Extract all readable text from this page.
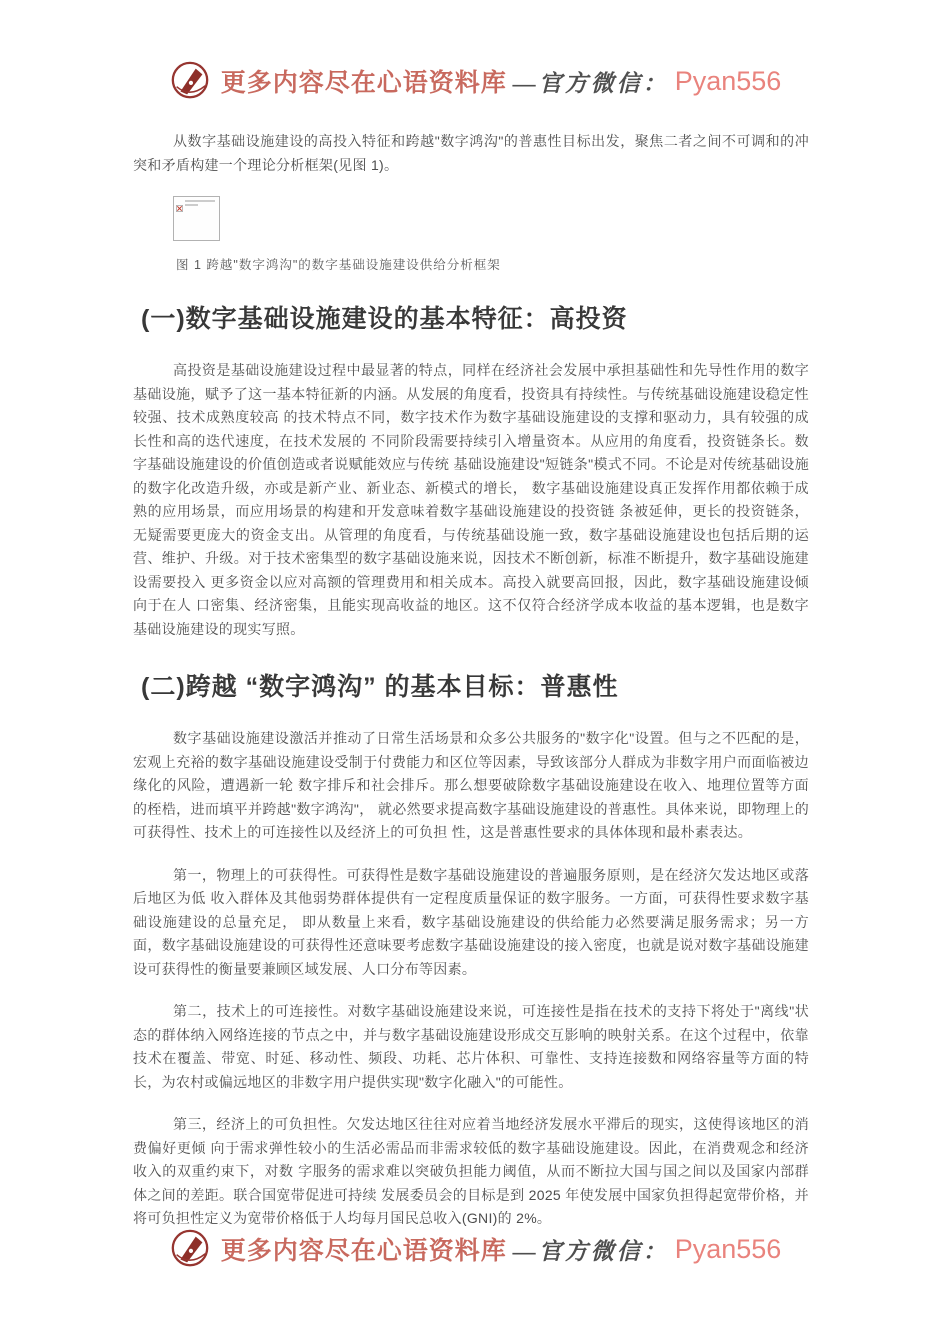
更多内容尽在心语资料库 —官方微信： Pyan556

从数字基础设施建设的高投入特征和跨越"数字鸿沟"的普惠性目标出发，聚焦二者之间不可调和的冲突和矛盾构建一个理论分析框架(见图 1)。

图 1 跨越"数字鸿沟"的数字基础设施建设供给分析框架

(一)数字基础设施建设的基本特征：高投资

高投资是基础设施建设过程中最显著的特点，同样在经济社会发展中承担基础性和先导性作用的数字基础设施，赋予了这一基本特征新的内涵。从发展的角度看，投资具有持续性。与传统基础设施建设稳定性较强、技术成熟度较高 的技术特点不同，数字技术作为数字基础设施建设的支撑和驱动力，具有较强的成长性和高的迭代速度，在技术发展的 不同阶段需要持续引入增量资本。从应用的角度看，投资链条长。数字基础设施建设的价值创造或者说赋能效应与传统 基础设施建设"短链条"模式不同。不论是对传统基础设施的数字化改造升级，亦或是新产业、新业态、新模式的增长， 数字基础设施建设真正发挥作用都依赖于成熟的应用场景，而应用场景的构建和开发意味着数字基础设施建设的投资链 条被延伸，更长的投资链条，无疑需要更庞大的资金支出。从管理的角度看，与传统基础设施一致，数字基础设施建设也包括后期的运营、维护、升级。对于技术密集型的数字基础设施来说，因技术不断创新，标准不断提升，数字基础设施建设需要投入 更多资金以应对高额的管理费用和相关成本。高投入就要高回报，因此，数字基础设施建设倾向于在人 口密集、经济密集，且能实现高收益的地区。这不仅符合经济学成本收益的基本逻辑，也是数字基础设施建设的现实写照。

(二)跨越 “数字鸿沟” 的基本目标：普惠性

数字基础设施建设激活并推动了日常生活场景和众多公共服务的"数字化"设置。但与之不匹配的是，宏观上充裕的数字基础设施建设受制于付费能力和区位等因素，导致该部分人群成为非数字用户而面临被边缘化的风险，遭遇新一轮 数字排斥和社会排斥。那么想要破除数字基础设施建设在收入、地理位置等方面的桎梏，进而填平并跨越"数字鸿沟"， 就必然要求提高数字基础设施建设的普惠性。具体来说，即物理上的可获得性、技术上的可连接性以及经济上的可负担 性，这是普惠性要求的具体体现和最朴素表达。

第一，物理上的可获得性。可获得性是数字基础设施建设的普遍服务原则，是在经济欠发达地区或落后地区为低 收入群体及其他弱势群体提供有一定程度质量保证的数字服务。一方面，可获得性要求数字基础设施建设的总量充足， 即从数量上来看，数字基础设施建设的供给能力必然要满足服务需求；另一方面，数字基础设施建设的可获得性还意味要考虑数字基础设施建设的接入密度，也就是说对数字基础设施建设可获得性的衡量要兼顾区域发展、人口分布等因素。

第二，技术上的可连接性。对数字基础设施建设来说，可连接性是指在技术的支持下将处于"离线"状态的群体纳入网络连接的节点之中，并与数字基础设施建设形成交互影响的映射关系。在这个过程中，依靠技术在覆盖、带宽、时延、移动性、频段、功耗、芯片体积、可靠性、支持连接数和网络容量等方面的特长，为农村或偏远地区的非数字用户提供实现"数字化融入"的可能性。

第三，经济上的可负担性。欠发达地区往往对应着当地经济发展水平滞后的现实，这使得该地区的消费偏好更倾 向于需求弹性较小的生活必需品而非需求较低的数字基础设施建设。因此，在消费观念和经济收入的双重约束下，对数 字服务的需求难以突破负担能力阈值，从而不断拉大国与国之间以及国家内部群体之间的差距。联合国宽带促进可持续 发展委员会的目标是到 2025 年使发展中国家负担得起宽带价格，并将可负担性定义为宽带价格低于人均每月国民总收入(GNI)的 2%。

更多内容尽在心语资料库 —官方微信： Pyan556
